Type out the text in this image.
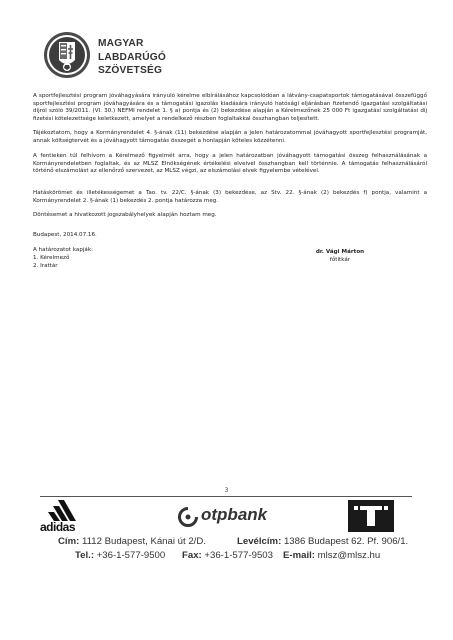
MAGYAR
LABDARÚGÓ
SZÖVETSÉG
A sportfejlesztési program jóváhagyására irányuló kérelme elbírálásához kapcsolódóan a látvány-csapatsportok támogatásával összefüggő sportfejlesztési program jóváhagyására és a támogatási igazolás kiadására irányuló hatósági eljárásban fizetendő igazgatási szolgáltatási díjról szóló 39/2011. (VI. 30.) NEFMI rendelet 1. § a) pontja és (2) bekezdése alapján a Kérelmezőnek 25 000 Ft igazgatási szolgáltatási díj fizetési kötelezettsége keletkezett, amelyet a rendelkező részben foglaltakkal összhangban teljesített.
Tájékoztatom, hogy a Kormányrendelet 4. §-ának (11) bekezdése alapján a jelen határozatommal jóváhagyott sportfejlesztési programját, annak költségtervét és a jóváhagyott támogatás összegét a honlapján köteles közzétenni.
A fentieken túl felhívom a Kérelmező figyelmét arra, hogy a jelen határozatban jóváhagyott támogatási összeg felhasználásának a Kormányrendeletben foglaltak, és az MLSZ Elnökségének értékelési elveivel összhangban kell történnie. A támogatás felhasználásáról történő elszámolást az ellenőrző szervezet, az MLSZ végzi, az elszámolási elvek figyelembe vételével.
Hatáskörömet és illetékességemet a Tao. tv. 22/C. §-ának (3) bekezdése, az Stv. 22. §-ának (2) bekezdés f) pontja, valamint a Kormányrendelet 2. §-ának (1) bekezdés 2. pontja határozza meg.
Döntésemet a hivatkozott jogszabályhelyek alapján hoztam meg.
Budapest, 2014.07.16.
A határozatot kapják:
1. Kérelmező
2. Irattár
dr. Vági Márton
főtitkár
3
adidas
otpbank
Cím: 1112 Budapest, Kánai út 2/D.	Levélcím: 1386 Budapest 62. Pf. 906/1.
Tel.: +36-1-577-9500 Fax: +36-1-577-9503 E-mail: mlsz@mlsz.hu
